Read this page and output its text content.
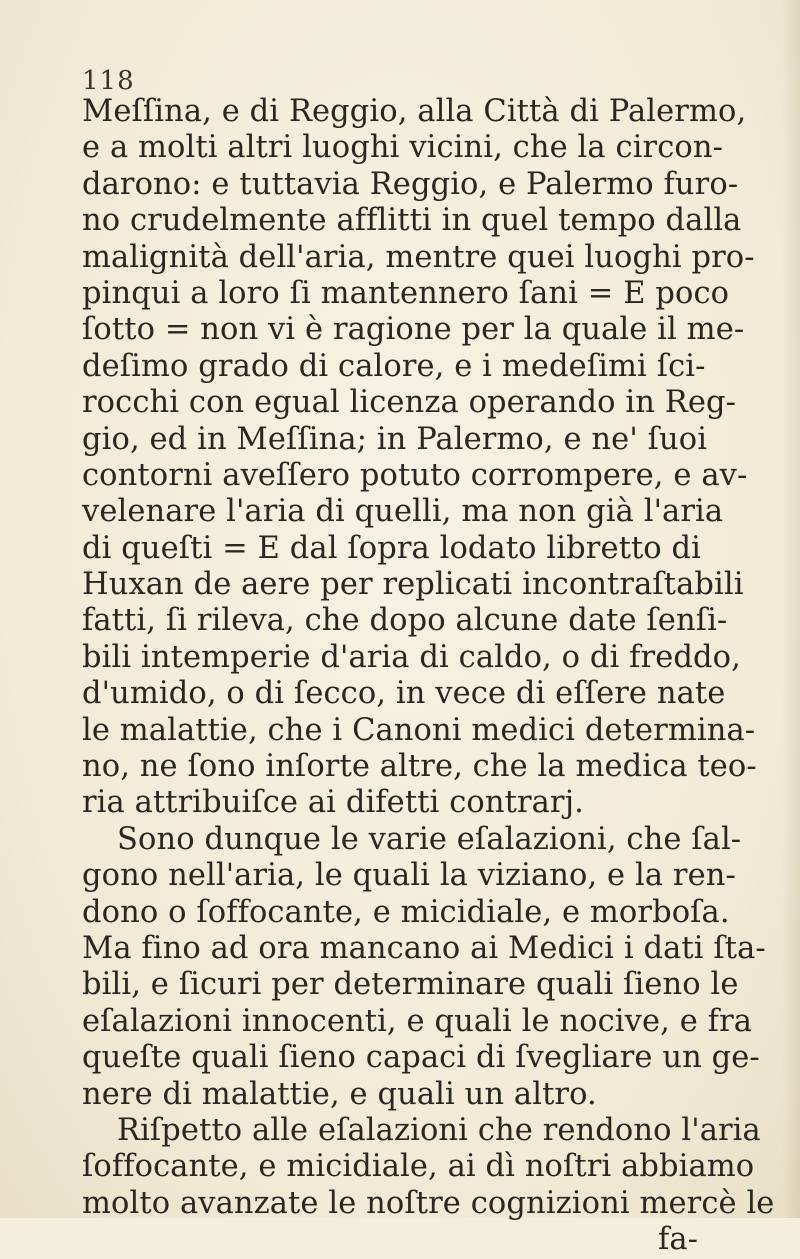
118
Meſſina, e di Reggio, alla Città di Palermo,
e a molti altri luoghi vicini, che la circon-
darono: e tuttavia Reggio, e Palermo furo-
no crudelmente afflitti in quel tempo dalla
malignità dell'aria, mentre quei luoghi pro-
pinqui a loro ſi mantennero ſani = E poco
ſotto = non vi è ragione per la quale il me-
deſimo grado di calore, e i medeſimi ſci-
rocchi con egual licenza operando in Reg-
gio, ed in Meſſina; in Palermo, e ne' ſuoi
contorni aveſſero potuto corrompere, e av-
velenare l'aria di quelli, ma non già l'aria
di queſti = E dal ſopra lodato libretto di
Huxan de aere per replicati incontraſtabili
fatti, ſi rileva, che dopo alcune date ſenſi-
bili intemperie d'aria di caldo, o di freddo,
d'umido, o di ſecco, in vece di eſſere nate
le malattie, che i Canoni medici determina-
no, ne ſono inſorte altre, che la medica teo-
ria attribuiſce ai difetti contrarj.
Sono dunque le varie eſalazioni, che ſal-
gono nell'aria, le quali la viziano, e la ren-
dono o ſoffocante, e micidiale, e morboſa.
Ma fino ad ora mancano ai Medici i dati ſta-
bili, e ſicuri per determinare quali ſieno le
eſalazioni innocenti, e quali le nocive, e fra
queſte quali ſieno capaci di ſvegliare un ge-
nere di malattie, e quali un altro.
Riſpetto alle eſalazioni che rendono l'aria
ſoffocante, e micidiale, ai dì noſtri abbiamo
molto avanzate le noſtre cognizioni mercè le
fa-
